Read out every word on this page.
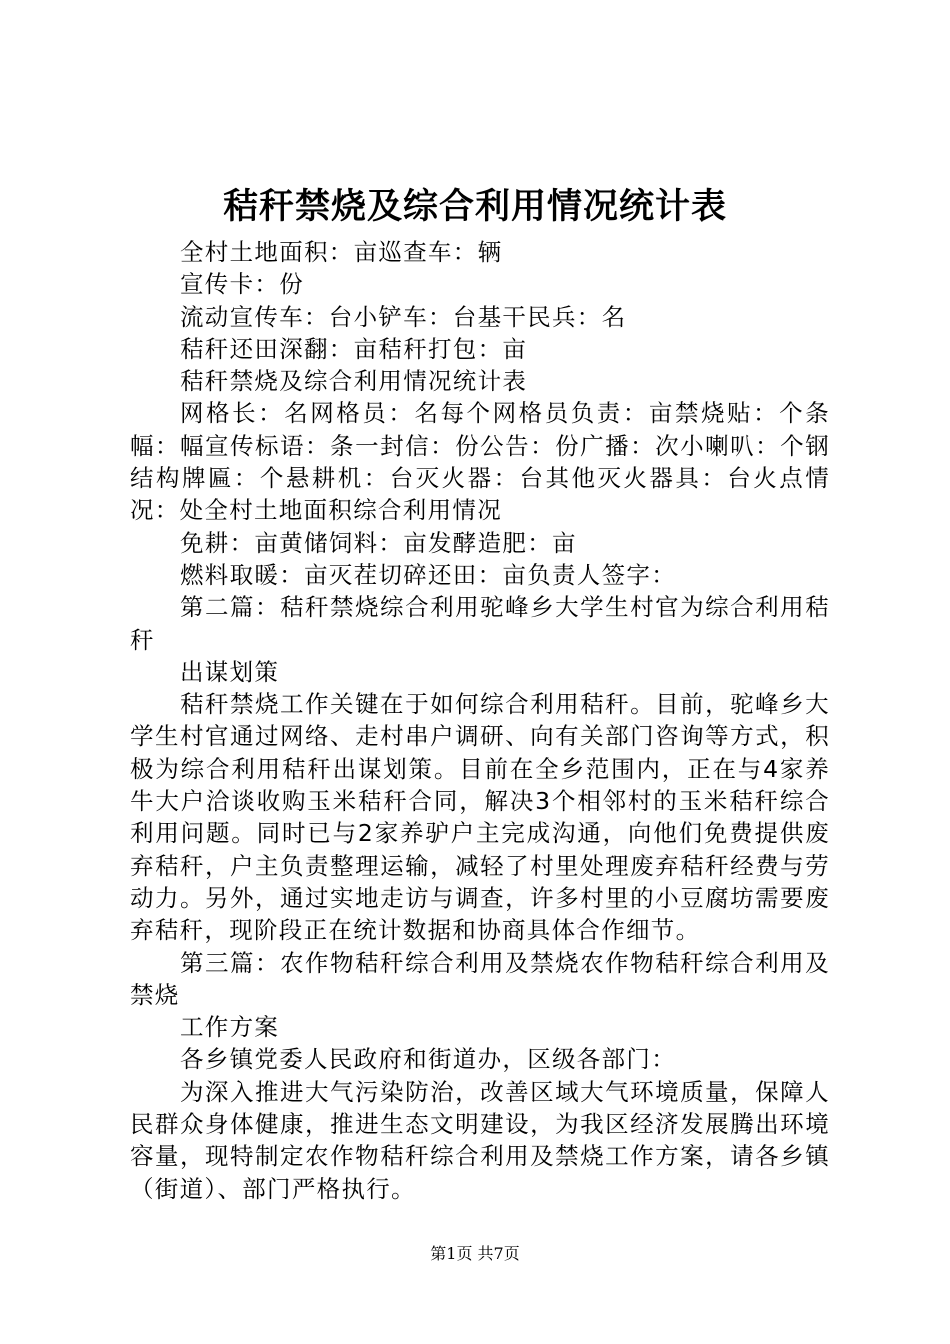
秸秆禁烧及综合利用情况统计表

全村土地面积：亩巡查车：辆

宣传卡：份

流动宣传车：台小铲车：台基干民兵：名

秸秆还田深翻：亩秸秆打包：亩

秸秆禁烧及综合利用情况统计表

网格长：名网格员：名每个网格员负责：亩禁烧贴：个条幅：幅宣传标语：条一封信：份公告：份广播：次小喇叭：个钢结构牌匾：个悬耕机：台灭火器：台其他灭火器具：台火点情况：处全村土地面积综合利用情况

免耕：亩黄储饲料：亩发酵造肥：亩

燃料取暖：亩灭茬切碎还田：亩负责人签字：

第二篇：秸秆禁烧综合利用驼峰乡大学生村官为综合利用秸秆

出谋划策

秸秆禁烧工作关键在于如何综合利用秸秆。目前，驼峰乡大学生村官通过网络、走村串户调研、向有关部门咨询等方式，积极为综合利用秸秆出谋划策。目前在全乡范围内，正在与4家养牛大户洽谈收购玉米秸秆合同，解决3个相邻村的玉米秸秆综合利用问题。同时已与2家养驴户主完成沟通，向他们免费提供废弃秸秆，户主负责整理运输，减轻了村里处理废弃秸秆经费与劳动力。另外，通过实地走访与调查，许多村里的小豆腐坊需要废弃秸秆，现阶段正在统计数据和协商具体合作细节。

第三篇：农作物秸秆综合利用及禁烧农作物秸秆综合利用及禁烧

工作方案

各乡镇党委人民政府和街道办，区级各部门：

为深入推进大气污染防治，改善区域大气环境质量，保障人民群众身体健康，推进生态文明建设，为我区经济发展腾出环境容量，现特制定农作物秸秆综合利用及禁烧工作方案，请各乡镇（街道）、部门严格执行。

第1页 共7页
